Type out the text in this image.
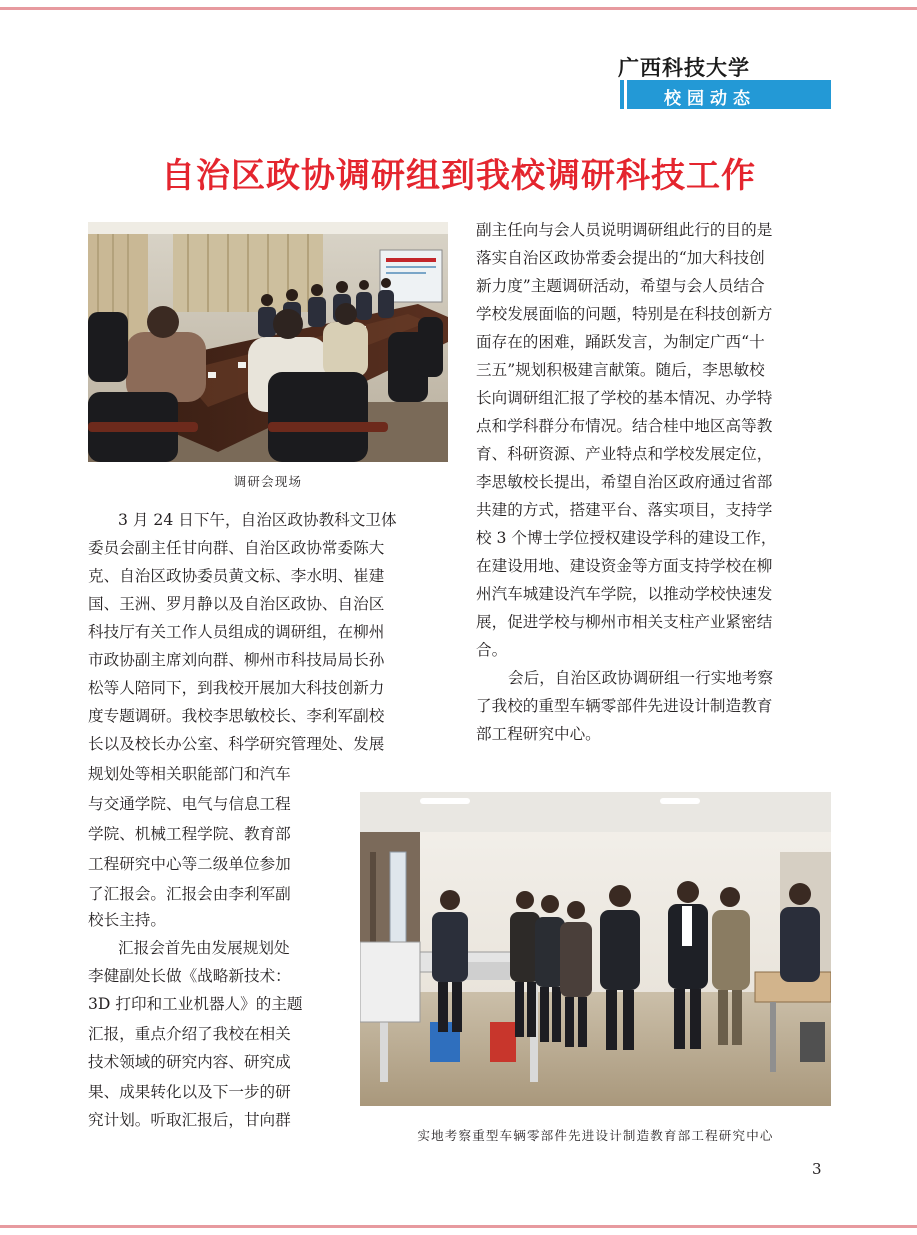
广西科技大学
校园动态
自治区政协调研组到我校调研科技工作
调研会现场
3 月 24 日下午，自治区政协教科文卫体
委员会副主任甘向群、自治区政协常委陈大
克、自治区政协委员黄文标、李水明、崔建
国、王洲、罗月静以及自治区政协、自治区
科技厅有关工作人员组成的调研组，在柳州
市政协副主席刘向群、柳州市科技局局长孙
松等人陪同下，到我校开展加大科技创新力
度专题调研。我校李思敏校长、李利军副校
长以及校长办公室、科学研究管理处、发展
规划处等相关职能部门和汽车
与交通学院、电气与信息工程
学院、机械工程学院、教育部
工程研究中心等二级单位参加
了汇报会。汇报会由李利军副
校长主持。
汇报会首先由发展规划处
李健副处长做《战略新技术：
3D 打印和工业机器人》的主题
汇报，重点介绍了我校在相关
技术领域的研究内容、研究成
果、成果转化以及下一步的研
究计划。听取汇报后，甘向群
副主任向与会人员说明调研组此行的目的是
落实自治区政协常委会提出的“加大科技创
新力度”主题调研活动，希望与会人员结合
学校发展面临的问题，特别是在科技创新方
面存在的困难，踊跃发言，为制定广西“十
三五”规划积极建言献策。随后，李思敏校
长向调研组汇报了学校的基本情况、办学特
点和学科群分布情况。结合桂中地区高等教
育、科研资源、产业特点和学校发展定位，
李思敏校长提出，希望自治区政府通过省部
共建的方式，搭建平台、落实项目，支持学
校 3 个博士学位授权建设学科的建设工作，
在建设用地、建设资金等方面支持学校在柳
州汽车城建设汽车学院，以推动学校快速发
展，促进学校与柳州市相关支柱产业紧密结
合。
会后，自治区政协调研组一行实地考察
了我校的重型车辆零部件先进设计制造教育
部工程研究中心。
实地考察重型车辆零部件先进设计制造教育部工程研究中心
3
